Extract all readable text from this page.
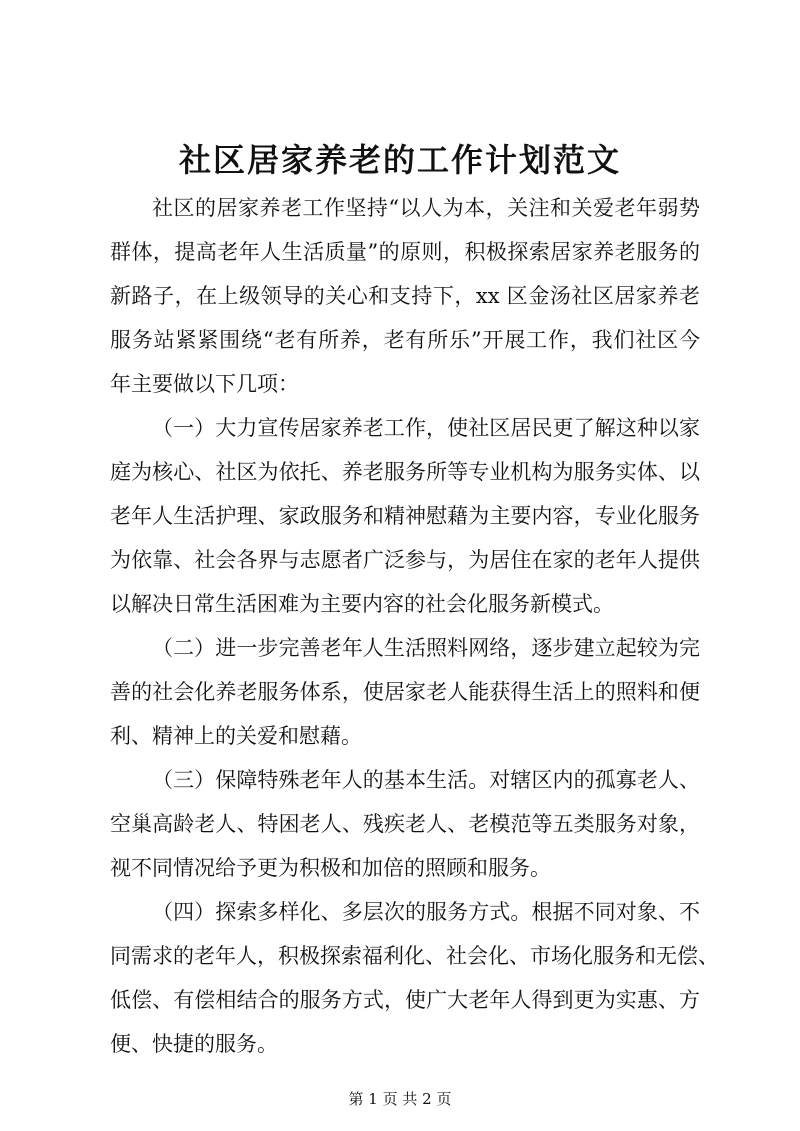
社区居家养老的工作计划范文

社区的居家养老工作坚持“以人为本，关注和关爱老年弱势

群体，提高老年人生活质量”的原则，积极探索居家养老服务的

新路子，在上级领导的关心和支持下，xx 区金汤社区居家养老

服务站紧紧围绕“老有所养，老有所乐”开展工作，我们社区今

年主要做以下几项：

（一）大力宣传居家养老工作，使社区居民更了解这种以家

庭为核心、社区为依托、养老服务所等专业机构为服务实体、以

老年人生活护理、家政服务和精神慰藉为主要内容，专业化服务

为依靠、社会各界与志愿者广泛参与，为居住在家的老年人提供

以解决日常生活困难为主要内容的社会化服务新模式。

（二）进一步完善老年人生活照料网络，逐步建立起较为完

善的社会化养老服务体系，使居家老人能获得生活上的照料和便

利、精神上的关爱和慰藉。

（三）保障特殊老年人的基本生活。对辖区内的孤寡老人、

空巢高龄老人、特困老人、残疾老人、老模范等五类服务对象，

视不同情况给予更为积极和加倍的照顾和服务。

（四）探索多样化、多层次的服务方式。根据不同对象、不

同需求的老年人，积极探索福利化、社会化、市场化服务和无偿、

低偿、有偿相结合的服务方式，使广大老年人得到更为实惠、方

便、快捷的服务。

第 1 页 共 2 页
